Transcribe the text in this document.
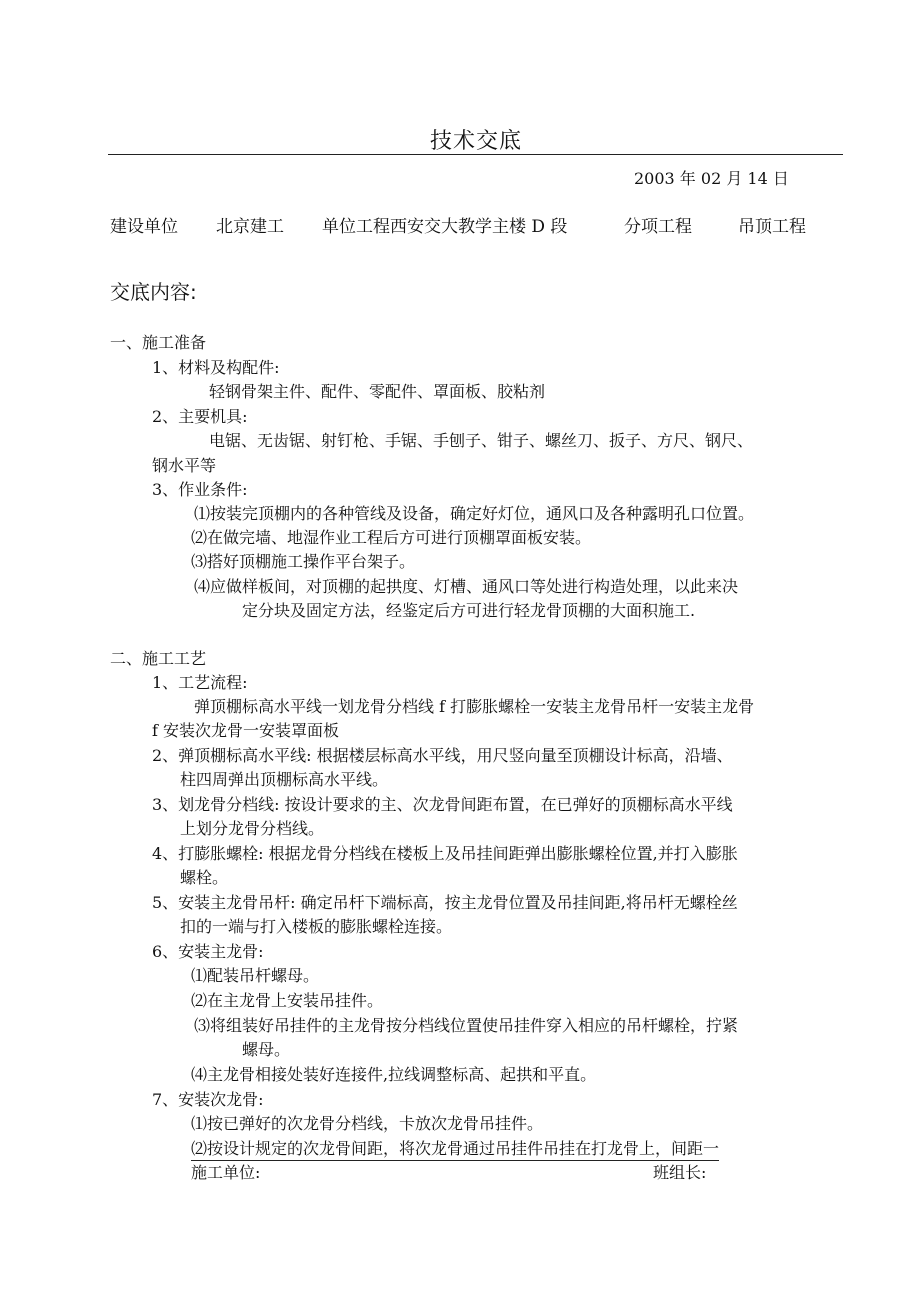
技术交底
2003 年 02 月 14 日
建设单位 北京建工 单位工程西安交大教学主楼 D 段	分项工程	吊顶工程
交底内容:
一、施工准备
1、材料及构配件:
轻钢骨架主件、配件、零配件、罩面板、胶粘剂
2、主要机具:
电锯、无齿锯、射钉枪、手锯、手刨子、钳子、螺丝刀、扳子、方尺、钢尺、
钢水平等
3、作业条件:
⑴按装完顶棚内的各种管线及设备，确定好灯位，通风口及各种露明孔口位置。
⑵在做完墙、地湿作业工程后方可进行顶棚罩面板安装。
⑶搭好顶棚施工操作平台架子。
⑷应做样板间，对顶棚的起拱度、灯槽、通风口等处进行构造处理，以此来决
定分块及固定方法，经鉴定后方可进行轻龙骨顶棚的大面积施工.
二、施工工艺
1、工艺流程:
弹顶棚标高水平线一划龙骨分档线 f 打膨胀螺栓一安装主龙骨吊杆一安装主龙骨
f 安装次龙骨一安装罩面板
2、弹顶棚标高水平线: 根据楼层标高水平线，用尺竖向量至顶棚设计标高，沿墙、
柱四周弹出顶棚标高水平线。
3、划龙骨分档线: 按设计要求的主、次龙骨间距布置，在已弹好的顶棚标高水平线
上划分龙骨分档线。
4、打膨胀螺栓: 根据龙骨分档线在楼板上及吊挂间距弹出膨胀螺栓位置,并打入膨胀
螺栓。
5、安装主龙骨吊杆: 确定吊杆下端标高，按主龙骨位置及吊挂间距,将吊杆无螺栓丝
扣的一端与打入楼板的膨胀螺栓连接。
6、安装主龙骨:
⑴配装吊杆螺母。
⑵在主龙骨上安装吊挂件。
⑶将组装好吊挂件的主龙骨按分档线位置使吊挂件穿入相应的吊杆螺栓，拧紧
螺母。
⑷主龙骨相接处装好连接件,拉线调整标高、起拱和平直。
7、安装次龙骨:
⑴按已弹好的次龙骨分档线，卡放次龙骨吊挂件。
⑵按设计规定的次龙骨间距，将次龙骨通过吊挂件吊挂在打龙骨上，间距一
施工单位:	班组长:
